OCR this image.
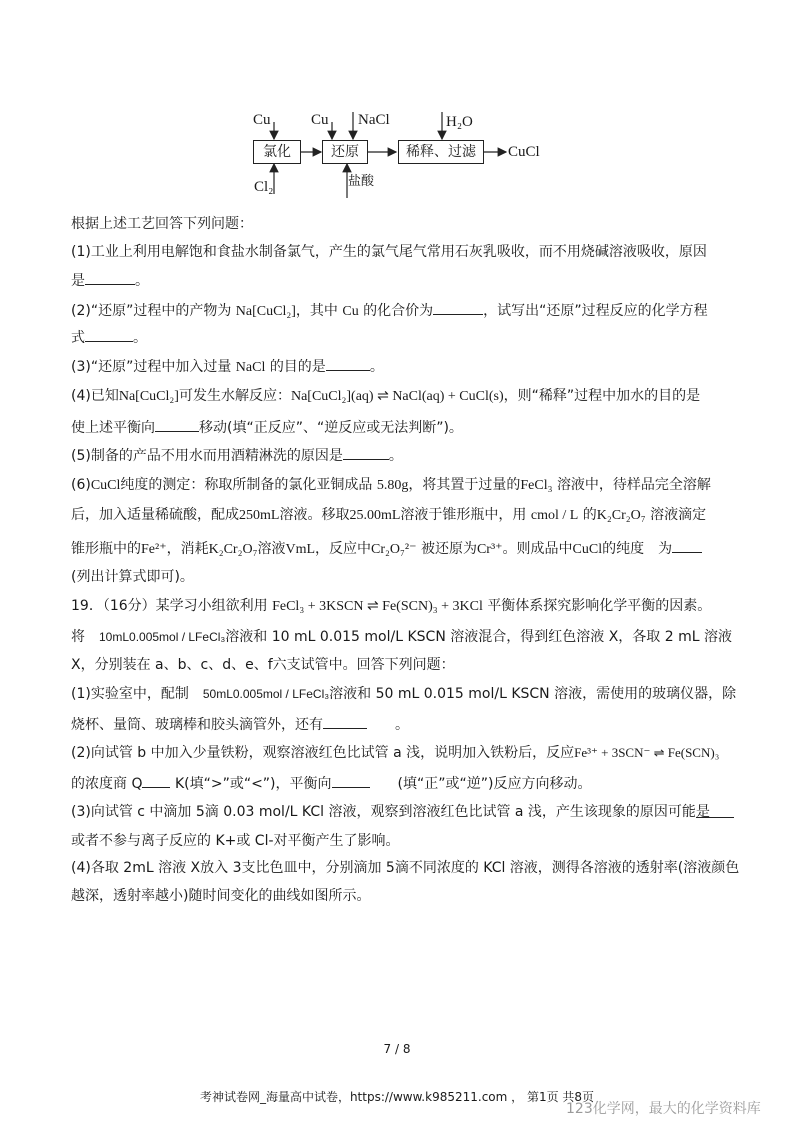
Cu	Cu NaCl	H₂O
Cl₂	盐酸
氯化	还原	稀释、过滤	CuCl
根据上述工艺回答下列问题：
(1)工业上利用电解饱和食盐水制备氯气，产生的氯气尾气常用石灰乳吸收，而不用烧碱溶液吸收，原因
是	。
(2)“还原”过程中的产物为 Na[CuCl₂]，其中 Cu 的化合价为	，试写出“还原”过程反应的化学方程
式	。
(3)“还原”过程中加入过量 NaCl 的目的是	。
(4)已知Na[CuCl₂]可发生水解反应：Na[CuCl₂](aq) ⇌ NaCl(aq) + CuCl(s)，则“稀释”过程中加水的目的是
使上述平衡向	移动(填“正反应”、“逆反应或无法判断”)。
(5)制备的产品不用水而用酒精淋洗的原因是	。
(6)CuCl纯度的测定：称取所制备的氯化亚铜成品 5.80g，将其置于过量的FeCl₃ 溶液中，待样品完全溶解
后，加入适量稀硫酸，配成250mL溶液。移取25.00mL溶液于锥形瓶中，用 cmol / L 的K₂Cr₂O₇ 溶液滴定
锥形瓶中的Fe²⁺，消耗K₂Cr₂O₇溶液VmL，反应中Cr₂O₇²⁻ 被还原为Cr³⁺。则成品中CuCl的纯度　为
(列出计算式即可)。
19．（16分）某学习小组欲利用 FeCl₃ + 3KSCN ⇌ Fe(SCN)₃ + 3KCl 平衡体系探究影响化学平衡的因素。
将　 10mL0.005mol / LFeCl₃溶液和 10 mL 0.015 mol/L KSCN 溶液混合，得到红色溶液 X，各取 2 mL 溶液
X，分别装在 a、b、c、d、e、f六支试管中。回答下列问题：
(1)实验室中，配制　 50mL0.005mol / LFeCl₃溶液和 50 mL 0.015 mol/L KSCN 溶液，需使用的玻璃仪器，除
烧杯、量筒、玻璃棒和胶头滴管外，还有　　	。
(2)向试管 b 中加入少量铁粉，观察溶液红色比试管 a 浅，说明加入铁粉后，反应Fe³⁺ + 3SCN⁻ ⇌ Fe(SCN)₃
的浓度商 Q K(填“>”或“<”)，平衡向　　	(填“正”或“逆”)反应方向移动。
(3)向试管 c 中滴加 5滴 0.03 mol/L KCl 溶液，观察到溶液红色比试管 a 浅，产生该现象的原因可能是
或者不参与离子反应的 K+或 Cl-对平衡产生了影响。
(4)各取 2mL 溶液 X放入 3支比色皿中，分别滴加 5滴不同浓度的 KCl 溶液，测得各溶液的透射率(溶液颜色
越深，透射率越小)随时间变化的曲线如图所示。
7 / 8
考神试卷网_海量高中试卷，https://www.k985211.com ， 第1页 共8页
123化学网，最大的化学资料库
